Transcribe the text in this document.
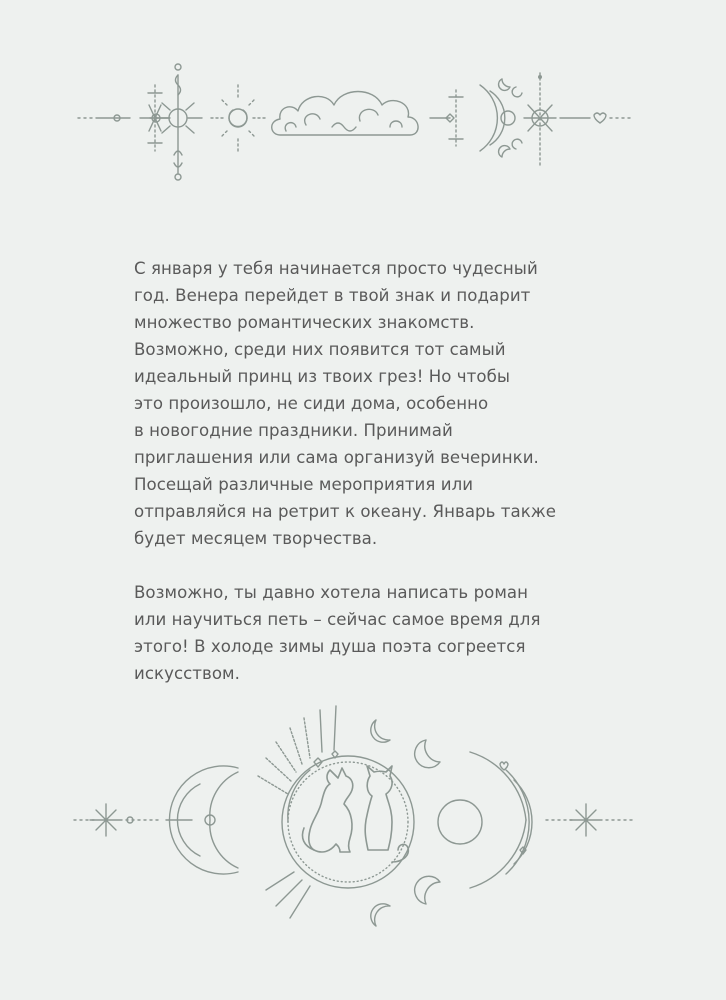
С января у тебя начинается просто чудесный
год. Венера перейдет в твой знак и подарит
множество романтических знакомств.
Возможно, среди них появится тот самый
идеальный принц из твоих грез! Но чтобы
это произошло, не сиди дома, особенно
в новогодние праздники. Принимай
приглашения или сама организуй вечеринки.
Посещай различные мероприятия или
отправляйся на ретрит к океану. Январь также
будет месяцем творчества.

Возможно, ты давно хотела написать роман
или научиться петь – сейчас самое время для
этого! В холоде зимы душа поэта согреется
искусством.
